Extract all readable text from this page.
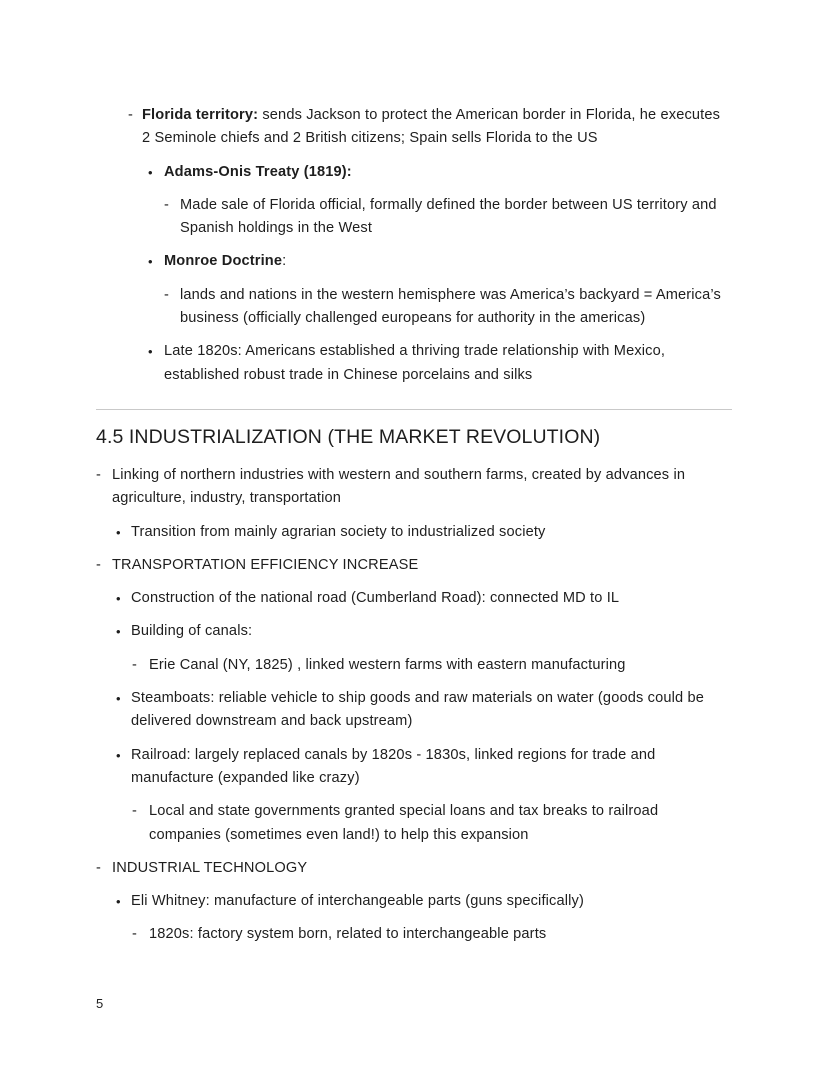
- Florida territory: sends Jackson to protect the American border in Florida, he executes 2 Seminole chiefs and 2 British citizens; Spain sells Florida to the US
• Adams-Onis Treaty (1819):
- Made sale of Florida official, formally defined the border between US territory and Spanish holdings in the West
• Monroe Doctrine:
- lands and nations in the western hemisphere was America’s backyard = America’s business (officially challenged europeans for authority in the americas)
• Late 1820s: Americans established a thriving trade relationship with Mexico, established robust trade in Chinese porcelains and silks
4.5 INDUSTRIALIZATION (THE MARKET REVOLUTION)
- Linking of northern industries with western and southern farms, created by advances in agriculture, industry, transportation
• Transition from mainly agrarian society to industrialized society
- TRANSPORTATION EFFICIENCY INCREASE
• Construction of the national road (Cumberland Road): connected MD to IL
• Building of canals:
- Erie Canal (NY, 1825) , linked western farms with eastern manufacturing
• Steamboats: reliable vehicle to ship goods and raw materials on water (goods could be delivered downstream and back upstream)
• Railroad: largely replaced canals by 1820s - 1830s, linked regions for trade and manufacture (expanded like crazy)
- Local and state governments granted special loans and tax breaks to railroad companies (sometimes even land!) to help this expansion
- INDUSTRIAL TECHNOLOGY
• Eli Whitney: manufacture of interchangeable parts (guns specifically)
- 1820s: factory system born, related to interchangeable parts
5
